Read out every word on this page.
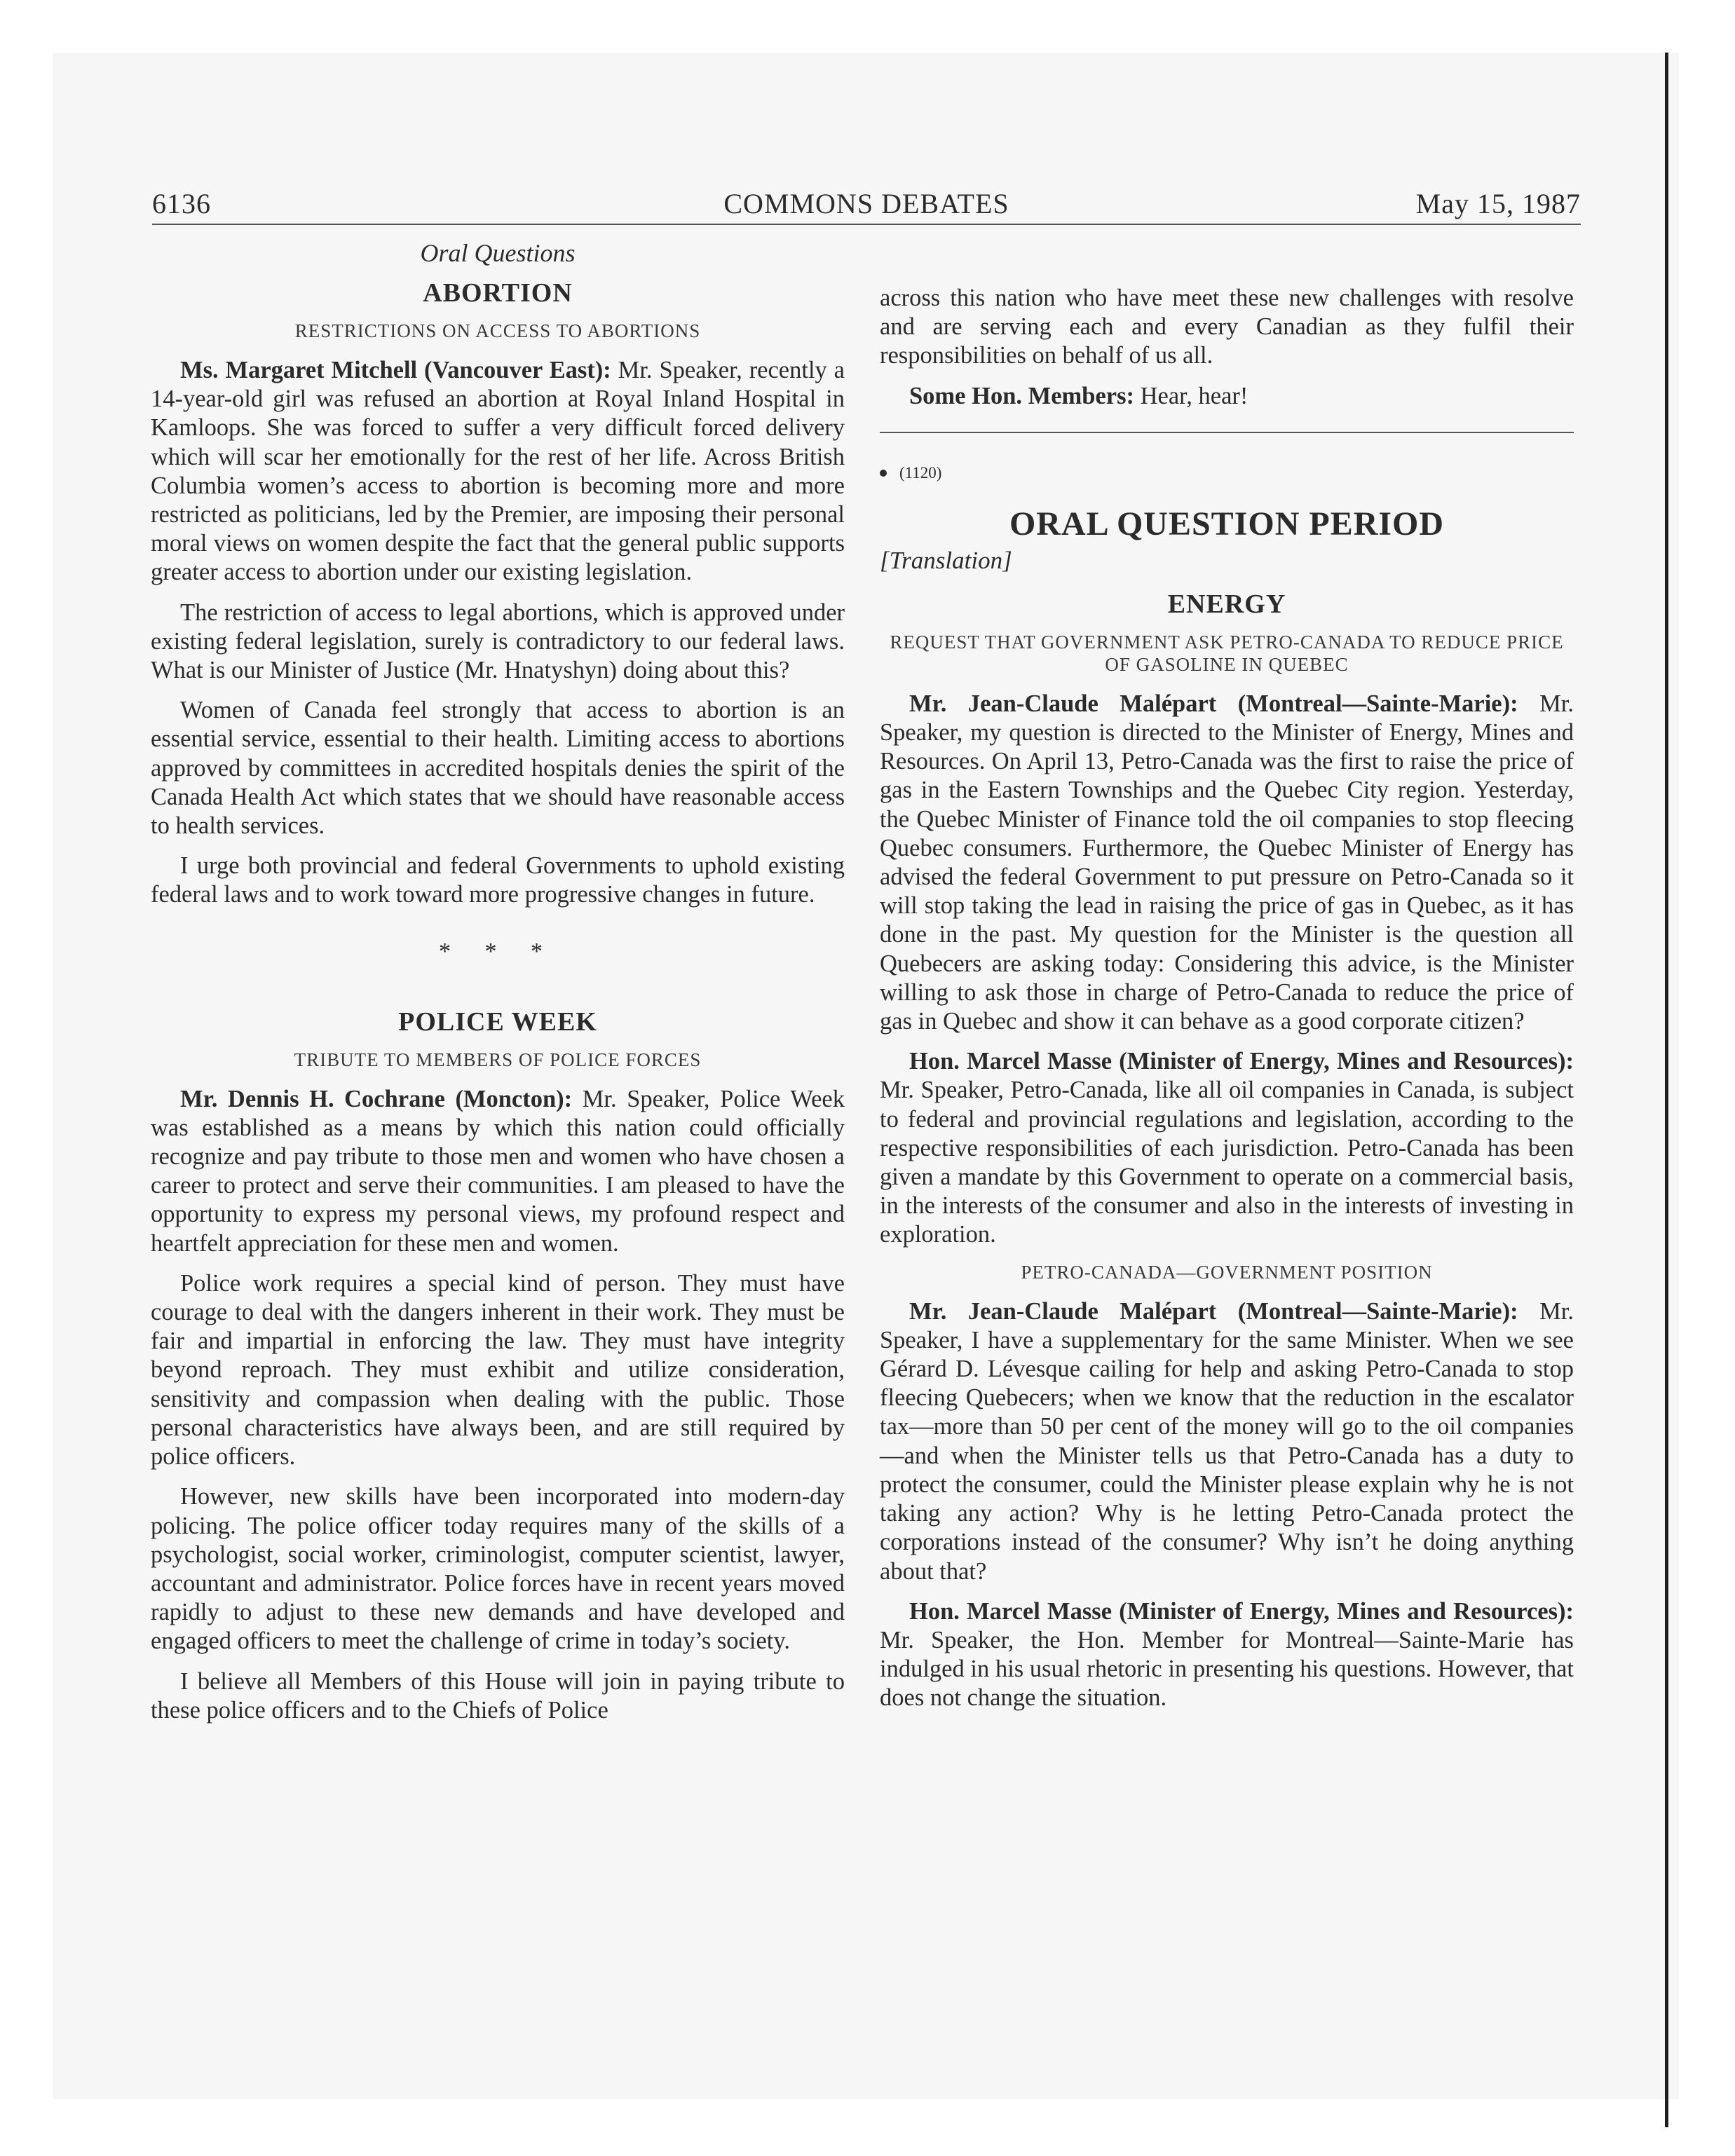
6136	COMMONS DEBATES	May 15, 1987
Oral Questions
ABORTION
RESTRICTIONS ON ACCESS TO ABORTIONS

Ms. Margaret Mitchell (Vancouver East): Mr. Speaker, recently a 14-year-old girl was refused an abortion at Royal Inland Hospital in Kamloops. She was forced to suffer a very difficult forced delivery which will scar her emotionally for the rest of her life. Across British Columbia women’s access to abortion is becoming more and more restricted as politicians, led by the Premier, are imposing their personal moral views on women despite the fact that the general public supports greater access to abortion under our existing legislation.

The restriction of access to legal abortions, which is approved under existing federal legislation, surely is contradictory to our federal laws. What is our Minister of Justice (Mr. Hnatyshyn) doing about this?

Women of Canada feel strongly that access to abortion is an essential service, essential to their health. Limiting access to abortions approved by committees in accredited hospitals denies the spirit of the Canada Health Act which states that we should have reasonable access to health services.

I urge both provincial and federal Governments to uphold existing federal laws and to work toward more progressive changes in future.

* * *
POLICE WEEK
TRIBUTE TO MEMBERS OF POLICE FORCES

Mr. Dennis H. Cochrane (Moncton): Mr. Speaker, Police Week was established as a means by which this nation could officially recognize and pay tribute to those men and women who have chosen a career to protect and serve their communities. I am pleased to have the opportunity to express my personal views, my profound respect and heartfelt appreciation for these men and women.

Police work requires a special kind of person. They must have courage to deal with the dangers inherent in their work. They must be fair and impartial in enforcing the law. They must have integrity beyond reproach. They must exhibit and utilize consideration, sensitivity and compassion when dealing with the public. Those personal characteristics have always been, and are still required by police officers.

However, new skills have been incorporated into modern-day policing. The police officer today requires many of the skills of a psychologist, social worker, criminologist, computer scientist, lawyer, accountant and administrator. Police forces have in recent years moved rapidly to adjust to these new demands and have developed and engaged officers to meet the challenge of crime in today’s society.

I believe all Members of this House will join in paying tribute to these police officers and to the Chiefs of Police

across this nation who have meet these new challenges with resolve and are serving each and every Canadian as they fulfil their responsibilities on behalf of us all.

Some Hon. Members: Hear, hear!

(1120)
ORAL QUESTION PERIOD
[Translation]
ENERGY
REQUEST THAT GOVERNMENT ASK PETRO-CANADA TO REDUCE PRICE OF GASOLINE IN QUEBEC

Mr. Jean-Claude Malépart (Montreal—Sainte-Marie): Mr. Speaker, my question is directed to the Minister of Energy, Mines and Resources. On April 13, Petro-Canada was the first to raise the price of gas in the Eastern Townships and the Quebec City region. Yesterday, the Quebec Minister of Finance told the oil companies to stop fleecing Quebec consumers. Furthermore, the Quebec Minister of Energy has advised the federal Government to put pressure on Petro-Canada so it will stop taking the lead in raising the price of gas in Quebec, as it has done in the past. My question for the Minister is the question all Quebecers are asking today: Considering this advice, is the Minister willing to ask those in charge of Petro-Canada to reduce the price of gas in Quebec and show it can behave as a good corporate citizen?

Hon. Marcel Masse (Minister of Energy, Mines and Resources): Mr. Speaker, Petro-Canada, like all oil companies in Canada, is subject to federal and provincial regulations and legislation, according to the respective responsibilities of each jurisdiction. Petro-Canada has been given a mandate by this Government to operate on a commercial basis, in the interests of the consumer and also in the interests of investing in exploration.

PETRO-CANADA—GOVERNMENT POSITION

Mr. Jean-Claude Malépart (Montreal—Sainte-Marie): Mr. Speaker, I have a supplementary for the same Minister. When we see Gérard D. Lévesque cailing for help and asking Petro-Canada to stop fleecing Quebecers; when we know that the reduction in the escalator tax—more than 50 per cent of the money will go to the oil companies—and when the Minister tells us that Petro-Canada has a duty to protect the consumer, could the Minister please explain why he is not taking any action? Why is he letting Petro-Canada protect the corporations instead of the consumer? Why isn’t he doing anything about that?

Hon. Marcel Masse (Minister of Energy, Mines and Resources): Mr. Speaker, the Hon. Member for Montreal—Sainte-Marie has indulged in his usual rhetoric in presenting his questions. However, that does not change the situation.
